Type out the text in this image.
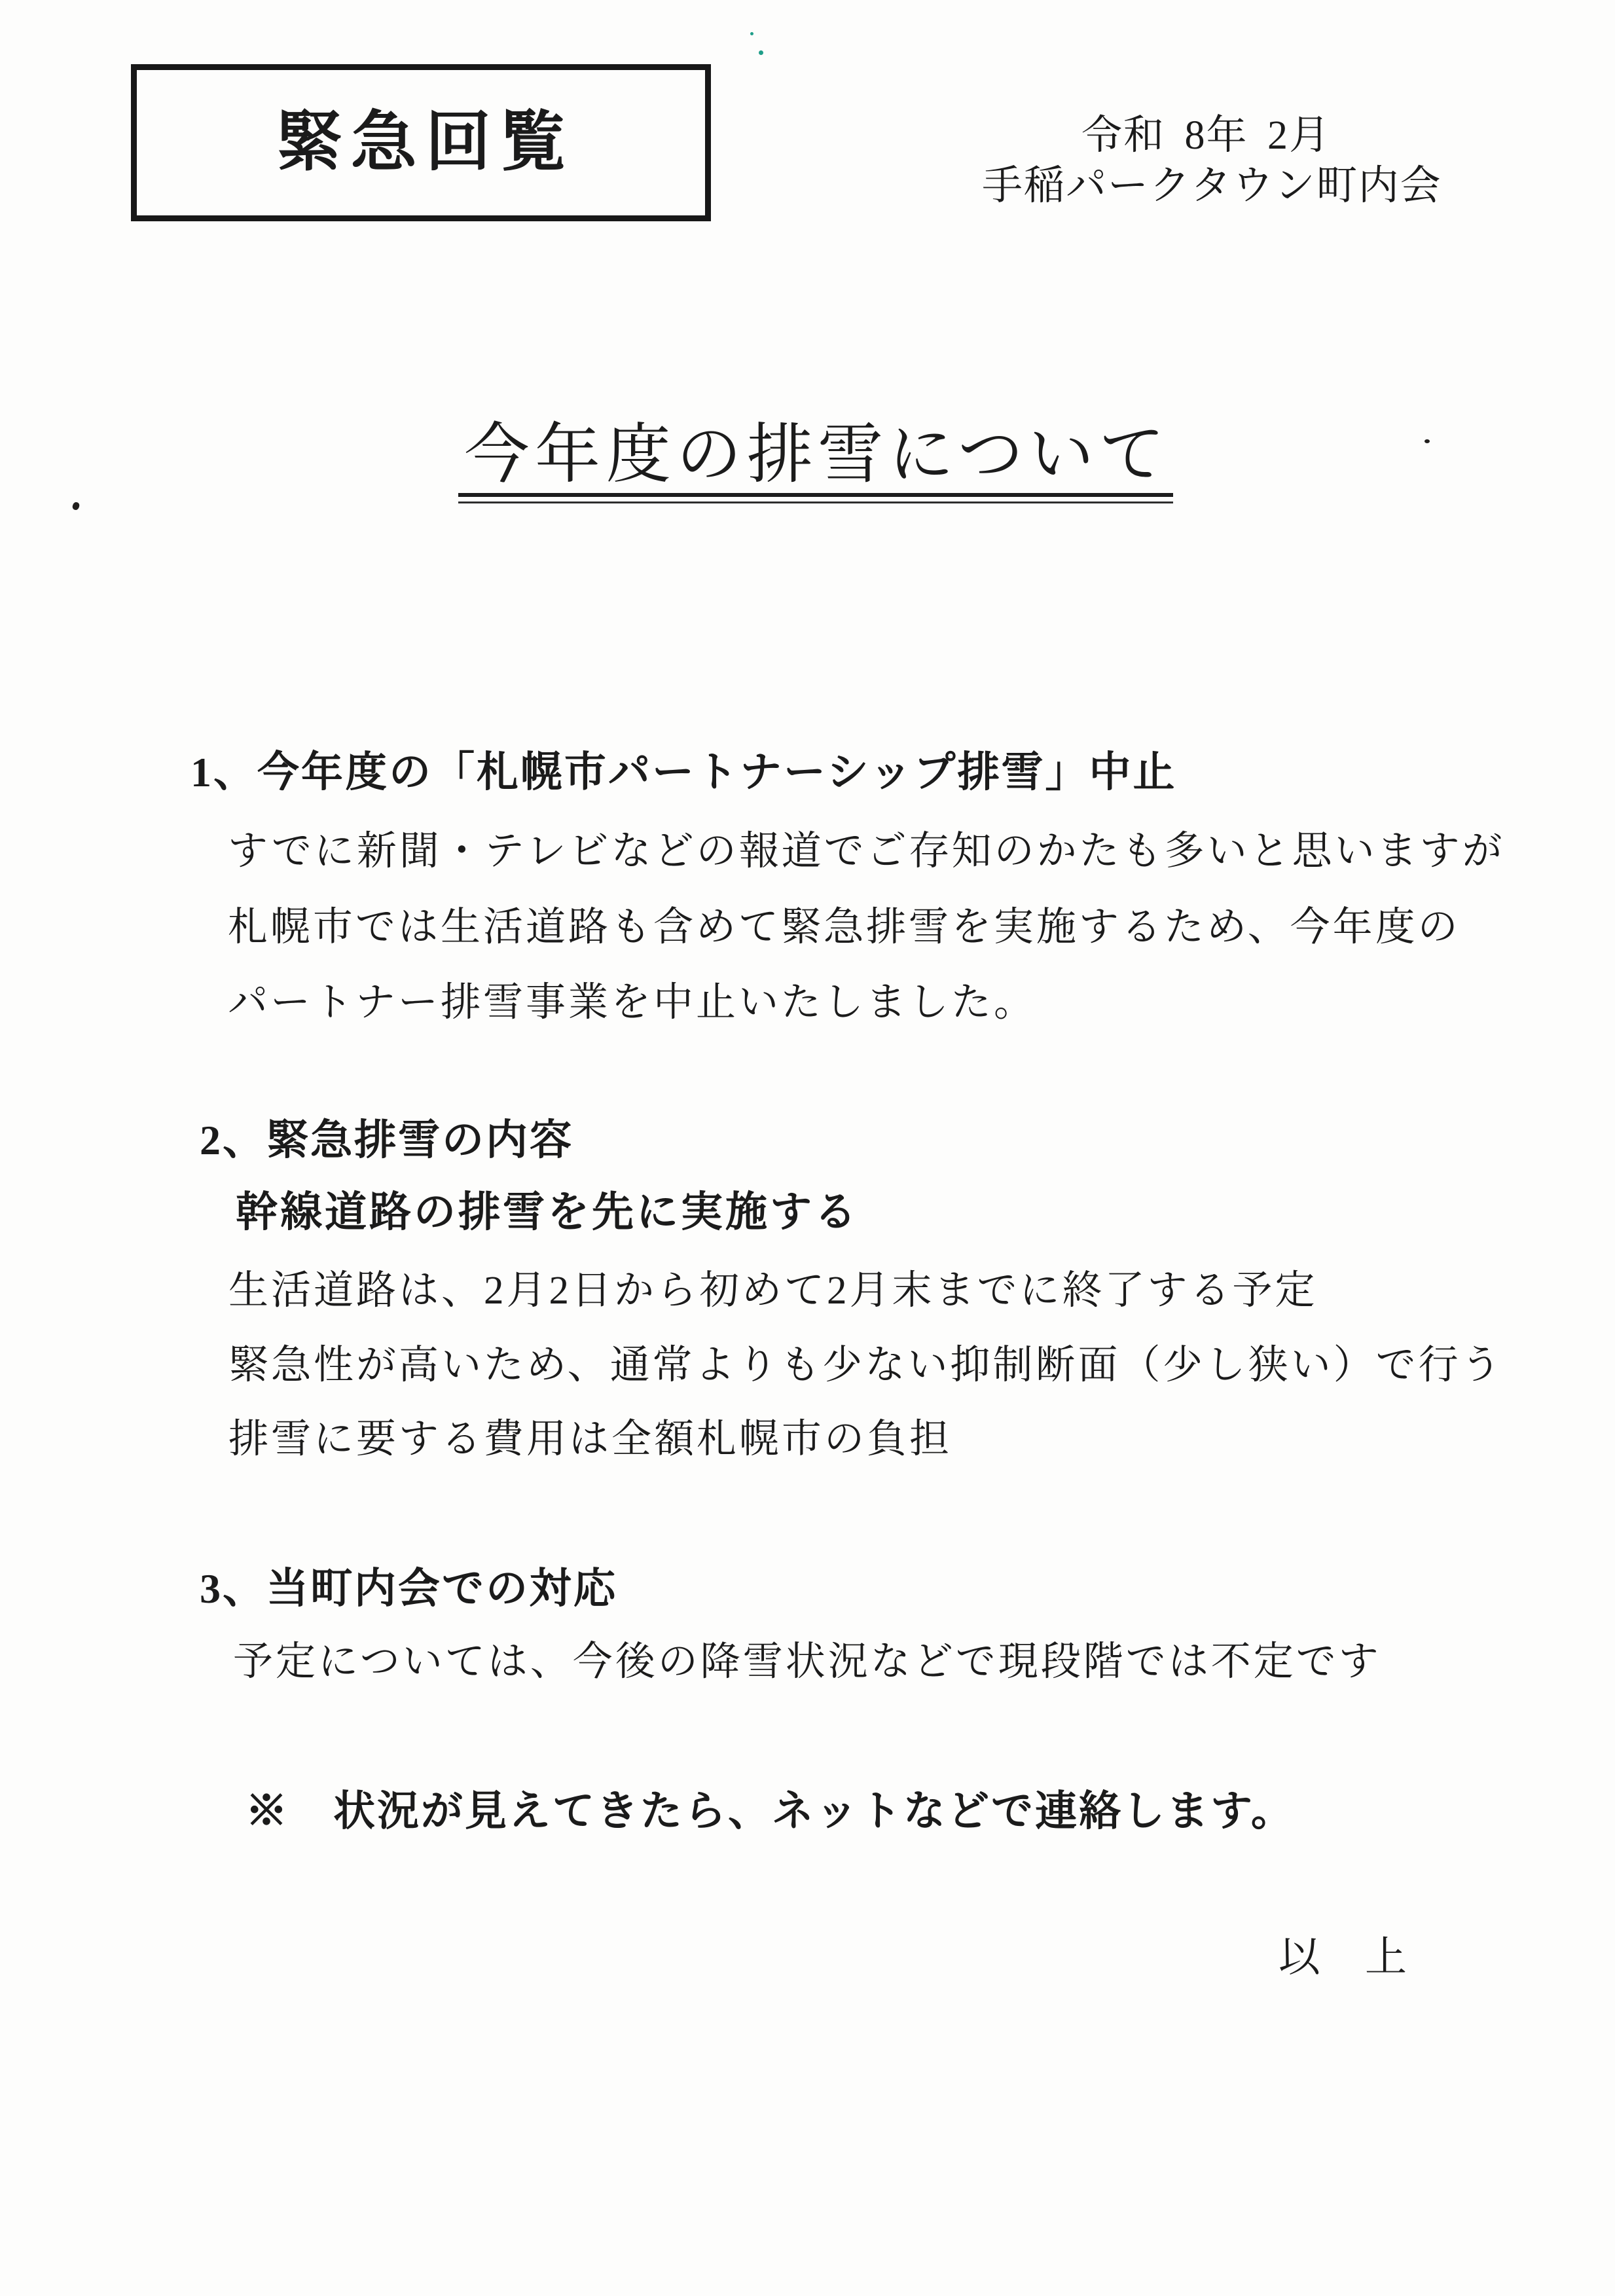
緊急回覧	令和 8年 2月
手稲パークタウン町内会
今年度の排雪について
1、今年度の「札幌市パートナーシップ排雪」中止
すでに新聞・テレビなどの報道でご存知のかたも多いと思いますが
札幌市では生活道路も含めて緊急排雪を実施するため、今年度の
パートナー排雪事業を中止いたしました。
2、緊急排雪の内容
幹線道路の排雪を先に実施する
生活道路は、2月2日から初めて2月末までに終了する予定
緊急性が高いため、通常よりも少ない抑制断面（少し狭い）で行う
排雪に要する費用は全額札幌市の負担
3、当町内会での対応
予定については、今後の降雪状況などで現段階では不定です
※　状況が見えてきたら、ネットなどで連絡します。
以　上
